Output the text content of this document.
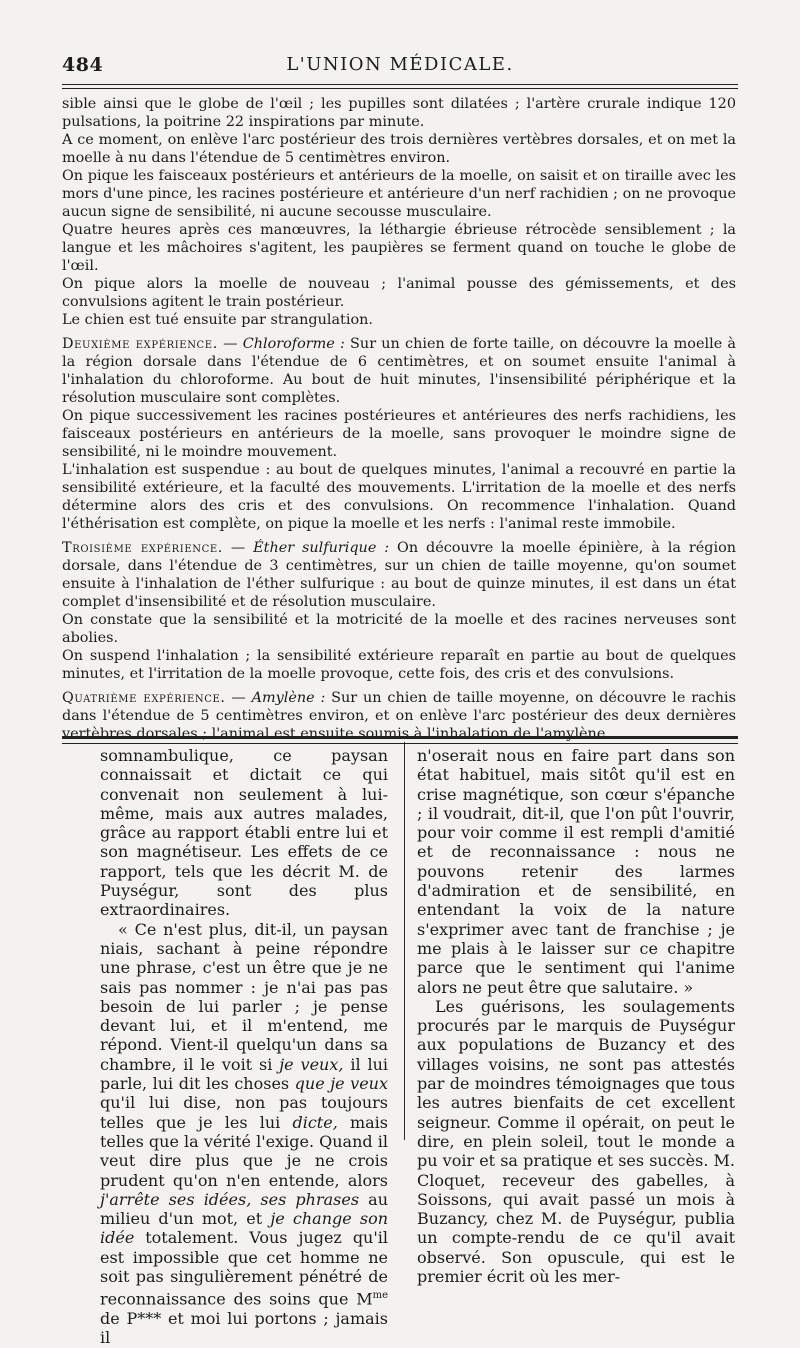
484	L'UNION MÉDICALE.

sible ainsi que le globe de l'œil ; les pupilles sont dilatées ; l'artère crurale indique 120 pulsations, la poitrine 22 inspirations par minute.

A ce moment, on enlève l'arc postérieur des trois dernières vertèbres dorsales, et on met la moelle à nu dans l'étendue de 5 centimètres environ.

On pique les faisceaux postérieurs et antérieurs de la moelle, on saisit et on tiraille avec les mors d'une pince, les racines postérieure et antérieure d'un nerf rachidien ; on ne provoque aucun signe de sensibilité, ni aucune secousse musculaire.

Quatre heures après ces manœuvres, la léthargie ébrieuse rétrocède sensiblement ; la langue et les mâchoires s'agitent, les paupières se ferment quand on touche le globe de l'œil.

On pique alors la moelle de nouveau ; l'animal pousse des gémissements, et des convulsions agitent le train postérieur.

Le chien est tué ensuite par strangulation.

Deuxième expérience. — Chloroforme : Sur un chien de forte taille, on découvre la moelle à la région dorsale dans l'étendue de 6 centimètres, et on soumet ensuite l'animal à l'inhalation du chloroforme. Au bout de huit minutes, l'insensibilité périphérique et la résolution musculaire sont complètes.

On pique successivement les racines postérieures et antérieures des nerfs rachidiens, les faisceaux postérieurs en antérieurs de la moelle, sans provoquer le moindre signe de sensibilité, ni le moindre mouvement.

L'inhalation est suspendue : au bout de quelques minutes, l'animal a recouvré en partie la sensibilité extérieure, et la faculté des mouvements. L'irritation de la moelle et des nerfs détermine alors des cris et des convulsions. On recommence l'inhalation. Quand l'éthérisation est complète, on pique la moelle et les nerfs : l'animal reste immobile.

Troisième expérience. — Éther sulfurique : On découvre la moelle épinière, à la région dorsale, dans l'étendue de 3 centimètres, sur un chien de taille moyenne, qu'on soumet ensuite à l'inhalation de l'éther sulfurique : au bout de quinze minutes, il est dans un état complet d'insensibilité et de résolution musculaire.

On constate que la sensibilité et la motricité de la moelle et des racines nerveuses sont abolies.

On suspend l'inhalation ; la sensibilité extérieure reparaît en partie au bout de quelques minutes, et l'irritation de la moelle provoque, cette fois, des cris et des convulsions.

Quatrième expérience. — Amylène : Sur un chien de taille moyenne, on découvre le rachis dans l'étendue de 5 centimètres environ, et on enlève l'arc postérieur des deux dernières vertèbres dorsales ; l'animal est ensuite soumis à l'inhalation de l'amylène.

somnambulique, ce paysan connaissait et dictait ce qui convenait non seulement à lui-même, mais aux autres malades, grâce au rapport établi entre lui et son magnétiseur. Les effets de ce rapport, tels que les décrit M. de Puységur, sont des plus extraordinaires.

« Ce n'est plus, dit-il, un paysan niais, sachant à peine répondre une phrase, c'est un être que je ne sais pas nommer : je n'ai pas pas besoin de lui parler ; je pense devant lui, et il m'entend, me répond. Vient-il quelqu'un dans sa chambre, il le voit si je veux, il lui parle, lui dit les choses que je veux qu'il lui dise, non pas toujours telles que je les lui dicte, mais telles que la vérité l'exige. Quand il veut dire plus que je ne crois prudent qu'on n'en entende, alors j'arrête ses idées, ses phrases au milieu d'un mot, et je change son idée totalement. Vous jugez qu'il est impossible que cet homme ne soit pas singulièrement pénétré de reconnaissance des soins que $M^{me}$ de P*** et moi lui portons ; jamais il

n'oserait nous en faire part dans son état habituel, mais sitôt qu'il est en crise magnétique, son cœur s'épanche ; il voudrait, dit-il, que l'on pût l'ouvrir, pour voir comme il est rempli d'amitié et de reconnaissance : nous ne pouvons retenir des larmes d'admiration et de sensibilité, en entendant la voix de la nature s'exprimer avec tant de franchise ; je me plais à le laisser sur ce chapitre parce que le sentiment qui l'anime alors ne peut être que salutaire. »

Les guérisons, les soulagements procurés par le marquis de Puységur aux populations de Buzancy et des villages voisins, ne sont pas attestés par de moindres témoignages que tous les autres bienfaits de cet excellent seigneur. Comme il opérait, on peut le dire, en plein soleil, tout le monde a pu voir et sa pratique et ses succès. M. Cloquet, receveur des gabelles, à Soissons, qui avait passé un mois à Buzancy, chez M. de Puységur, publia un compte-rendu de ce qu'il avait observé. Son opuscule, qui est le premier écrit où les mer-
